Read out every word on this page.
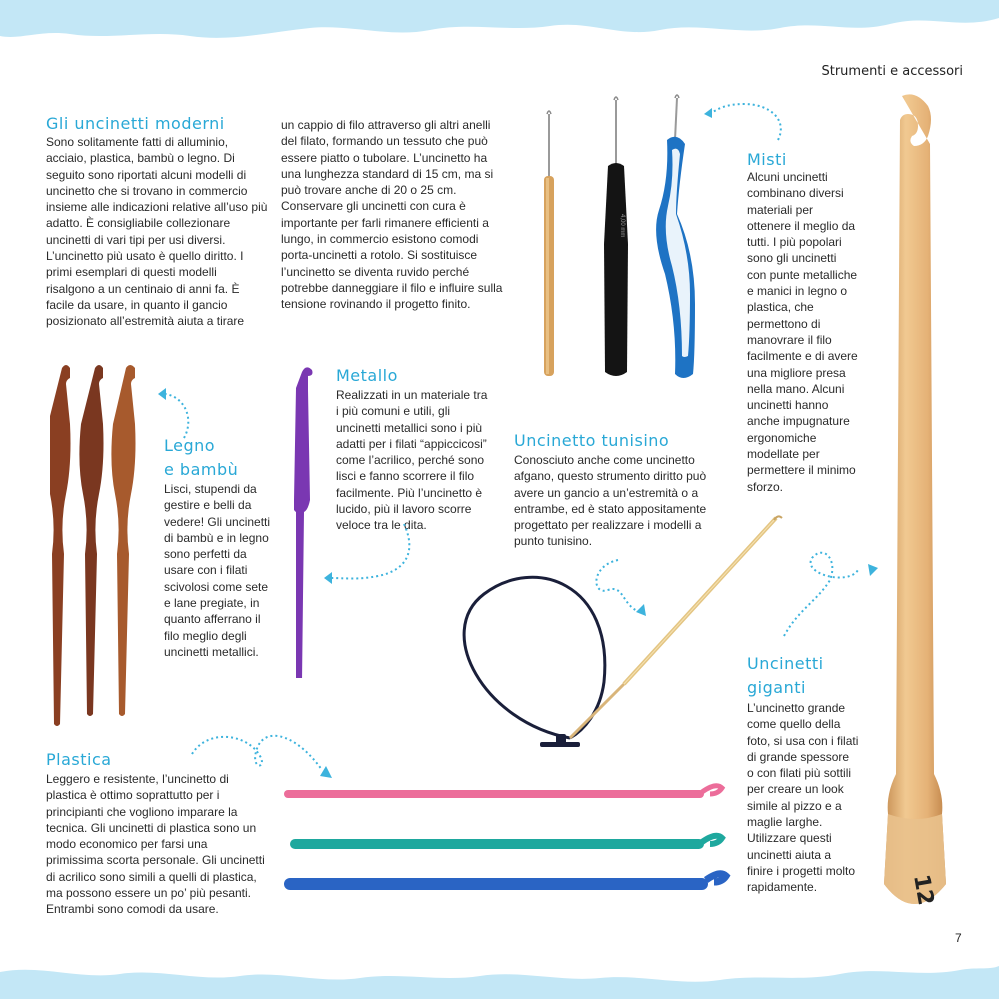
Strumenti e accessori
Gli uncinetti moderni

Sono solitamente fatti di alluminio, acciaio, plastica, bambù o legno. Di seguito sono riportati alcuni modelli di uncinetto che si trovano in commercio insieme alle indicazioni relative all’uso più adatto. È consigliabile collezionare uncinetti di vari tipi per usi diversi. L’uncinetto più usato è quello diritto. I primi esemplari di questi modelli risalgono a un centinaio di anni fa. È facile da usare, in quanto il gancio posizionato all’estremità aiuta a tirare

un cappio di filo attraverso gli altri anelli del filato, formando un tessuto che può essere piatto o tubolare. L’uncinetto ha una lunghezza standard di 15 cm, ma si può trovare anche di 20 o 25 cm. Conservare gli uncinetti con cura è importante per farli rimanere efficienti a lungo, in commercio esistono comodi porta-uncinetti a rotolo. Si sostituisce l’uncinetto se diventa ruvido perché potrebbe danneggiare il filo e influire sulla tensione rovinando il progetto finito.

4,00 mm
Misti

Alcuni uncinetti combinano diversi materiali per ottenere il meglio da tutti. I più popolari sono gli uncinetti con punte metalliche e manici in legno o plastica, che permettono di manovrare il filo facilmente e di avere una migliore presa nella mano. Alcuni uncinetti hanno anche impugnature ergonomiche modellate per permettere il minimo sforzo.

12
Legno
e bambù

Lisci, stupendi da gestire e belli da vedere! Gli uncinetti di bambù e in legno sono perfetti da usare con i filati scivolosi come sete e lane pregiate, in quanto afferrano il filo meglio degli uncinetti metallici.

Metallo

Realizzati in un materiale tra i più comuni e utili, gli uncinetti metallici sono i più adatti per i filati “appiccicosi” come l’acrilico, perché sono lisci e fanno scorrere il filo facilmente. Più l’uncinetto è lucido, più il lavoro scorre veloce tra le dita.

Uncinetto tunisino

Conosciuto anche come uncinetto afgano, questo strumento diritto può avere un gancio a un’estremità o a entrambe, ed è stato appositamente progettato per realizzare i modelli a punto tunisino.

Uncinetti
giganti

L’uncinetto grande come quello della foto, si usa con i filati di grande spessore o con filati più sottili per creare un look simile al pizzo e a maglie larghe. Utilizzare questi uncinetti aiuta a finire i progetti molto rapidamente.

Plastica

Leggero e resistente, l’uncinetto di plastica è ottimo soprattutto per i principianti che vogliono imparare la tecnica. Gli uncinetti di plastica sono un modo economico per farsi una primissima scorta personale. Gli uncinetti di acrilico sono simili a quelli di plastica, ma possono essere un po’ più pesanti. Entrambi sono comodi da usare.

7
